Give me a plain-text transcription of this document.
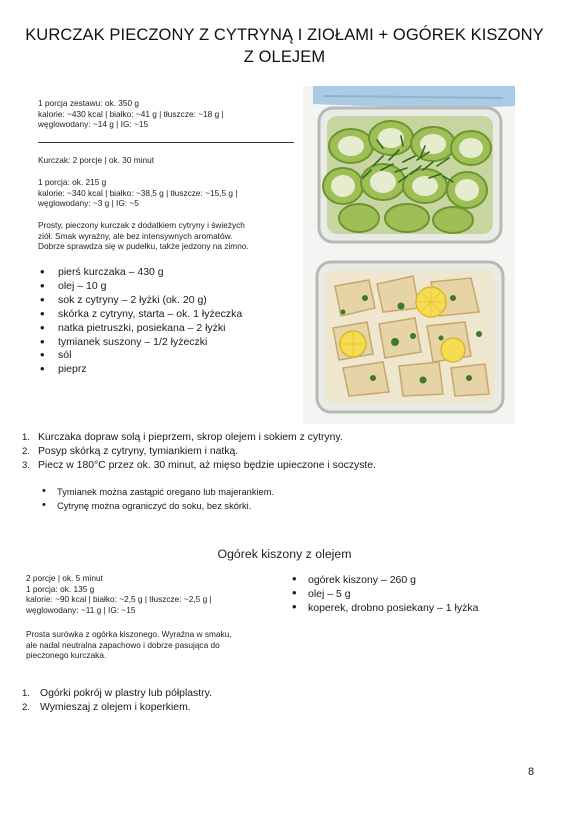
KURCZAK PIECZONY Z CYTRYNĄ I ZIOŁAMI + OGÓREK KISZONY
Z OLEJEM
1 porcja zestawu: ok. 350 g
kalorie: ~430 kcal | białko: ~41 g | tłuszcze: ~18 g |
węglowodany: ~14 g | IG: ~15
Kurczak: 2 porcje | ok. 30 minut
1 porcja: ok. 215 g
kalorie: ~340 kcal | białko: ~38,5 g | tłuszcze: ~15,5 g |
węglowodany: ~3 g | IG: ~5
Prosty, pieczony kurczak z dodatkiem cytryny i świeżych
ziół. Smak wyraźny, ale bez intensywnych aromatów.
Dobrze sprawdza się w pudełku, także jedzony na zimno.
• pierś kurczaka – 430 g
• olej – 10 g
• sok z cytryny – 2 łyżki (ok. 20 g)
• skórka z cytryny, starta – ok. 1 łyżeczka
• natka pietruszki, posiekana – 2 łyżki
• tymianek suszony – 1/2 łyżeczki
• sól
• pieprz
1. Kurczaka dopraw solą i pieprzem, skrop olejem i sokiem z cytryny.
2. Posyp skórką z cytryny, tymiankiem i natką.
3. Piecz w 180°C przez ok. 30 minut, aż mięso będzie upieczone i soczyste.
• Tymianek można zastąpić oregano lub majerankiem.
• Cytrynę można ograniczyć do soku, bez skórki.
Ogórek kiszony z olejem
2 porcje | ok. 5 minut
1 porcja: ok. 135 g
kalorie: ~90 kcal | białko: ~2,5 g | tłuszcze: ~2,5 g |
węglowodany: ~11 g | IG: ~15
Prosta surówka z ogórka kiszonego. Wyraźna w smaku,
ale nadal neutralna zapachowo i dobrze pasująca do
pieczonego kurczaka.
• ogórek kiszony – 260 g
• olej – 5 g
• koperek, drobno posiekany – 1 łyżka
1. Ogórki pokrój w plastry lub półplastry.
2. Wymieszaj z olejem i koperkiem.
8
